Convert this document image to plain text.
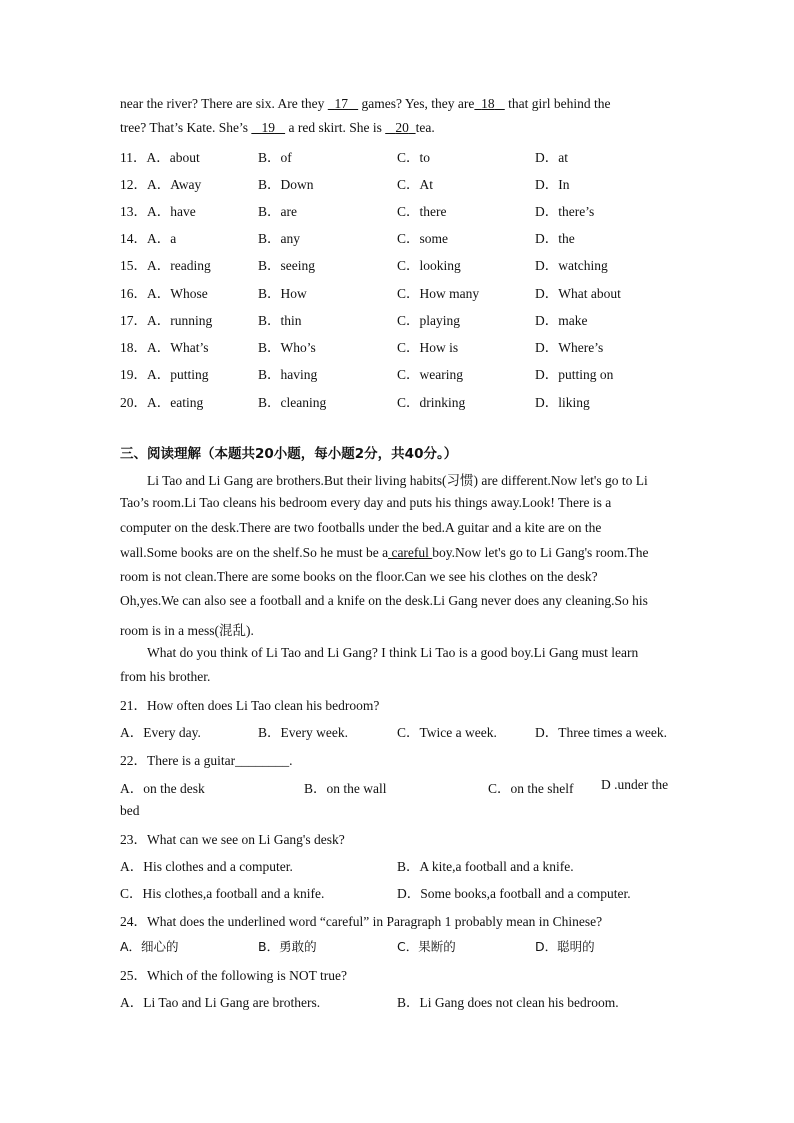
near the river? There are six. Are they   17    games? Yes, they are 18    that girl behind the
tree? That’s Kate. She’s    19    a red skirt. She is    20 tea.
11．A．about	B．of	C．to	D．at
12．A．Away	B．Down	C．At	D．In
13．A．have	B．are	C．there	D．there’s
14．A．a	B．any	C．some	D．the
15．A．reading	B．seeing	C．looking	D．watching
16．A．Whose	B．How	C．How many	D．What about
17．A．running	B．thin	C．playing	D．make
18．A．What’s	B．Who’s	C．How is	D．Where’s
19．A．putting	B．having	C．wearing	D．putting on
20．A．eating	B．cleaning	C．drinking	D．liking
三、阅读理解（本题共20小题，每小题2分，共40分。）
Li Tao and Li Gang are brothers.But their living habits(习惯) are different.Now let's go to Li
Tao’s room.Li Tao cleans his bedroom every day and puts his things away.Look! There is a
computer on the desk.There are two footballs under the bed.A guitar and a kite are on the
wall.Some books are on the shelf.So he must be a careful boy.Now let's go to Li Gang's room.The
room is not clean.There are some books on the floor.Can we see his clothes on the desk?
Oh,yes.We can also see a football and a knife on the desk.Li Gang never does any cleaning.So his
room is in a mess(混乱).
What do you think of Li Tao and Li Gang? I think Li Tao is a good boy.Li Gang must learn
from his brother.
21．How often does Li Tao clean his bedroom?
A．Every day.	B．Every week.	C．Twice a week.	D．Three times a week.
22．There is a guitar________.
A．on the desk	B．on the wall	C．on the shelf D .under the
bed
23．What can we see on Li Gang's desk?
A．His clothes and a computer.	B．A kite,a football and a knife.
C．His clothes,a football and a knife.	D．Some books,a football and a computer.
24．What does the underlined word “careful” in Paragraph 1 probably mean in Chinese?
A．细心的	B．勇敢的	C．果断的	D．聪明的
25．Which of the following is NOT true?
A．Li Tao and Li Gang are brothers.	B．Li Gang does not clean his bedroom.
